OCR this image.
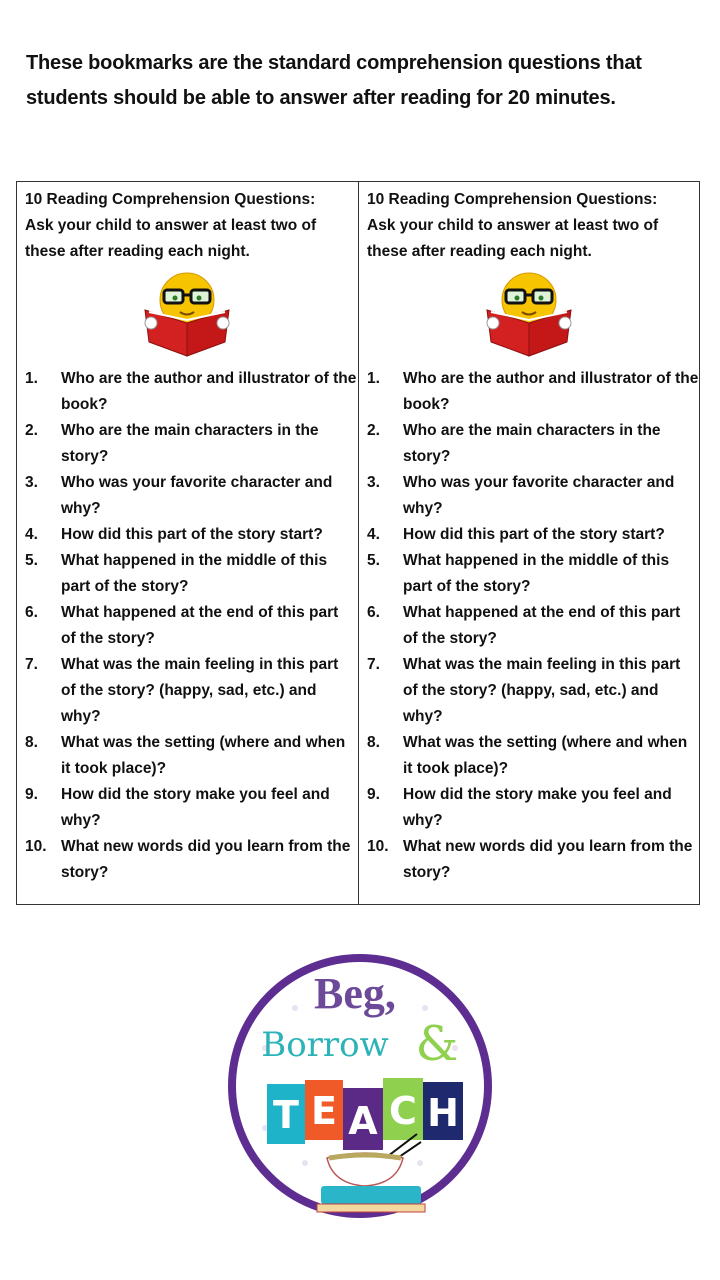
These bookmarks are the standard comprehension questions that
students should be able to answer after reading for 20 minutes.
10 Reading Comprehension Questions:
Ask your child to answer at least two of
these after reading each night.
1.	Who are the author and illustrator of the book?
2.	Who are the main characters in the story?
3.	Who was your favorite character and why?
4.	How did this part of the story start?
5.	What happened in the middle of this part of the story?
6.	What happened at the end of this part of the story?
7.	What was the main feeling in this part of the story? (happy, sad, etc.) and why?
8.	What was the setting (where and when it took place)?
9.	How did the story make you feel and why?
10. What new words did you learn from the story?
10 Reading Comprehension Questions:
Ask your child to answer at least two of
these after reading each night.
1.	Who are the author and illustrator of the book?
2.	Who are the main characters in the story?
3.	Who was your favorite character and why?
4.	How did this part of the story start?
5.	What happened in the middle of this part of the story?
6.	What happened at the end of this part of the story?
7.	What was the main feeling in this part of the story? (happy, sad, etc.) and why?
8.	What was the setting (where and when it took place)?
9.	How did the story make you feel and why?
10. What new words did you learn from the story?
Beg,
Borrow &
T E A C H
